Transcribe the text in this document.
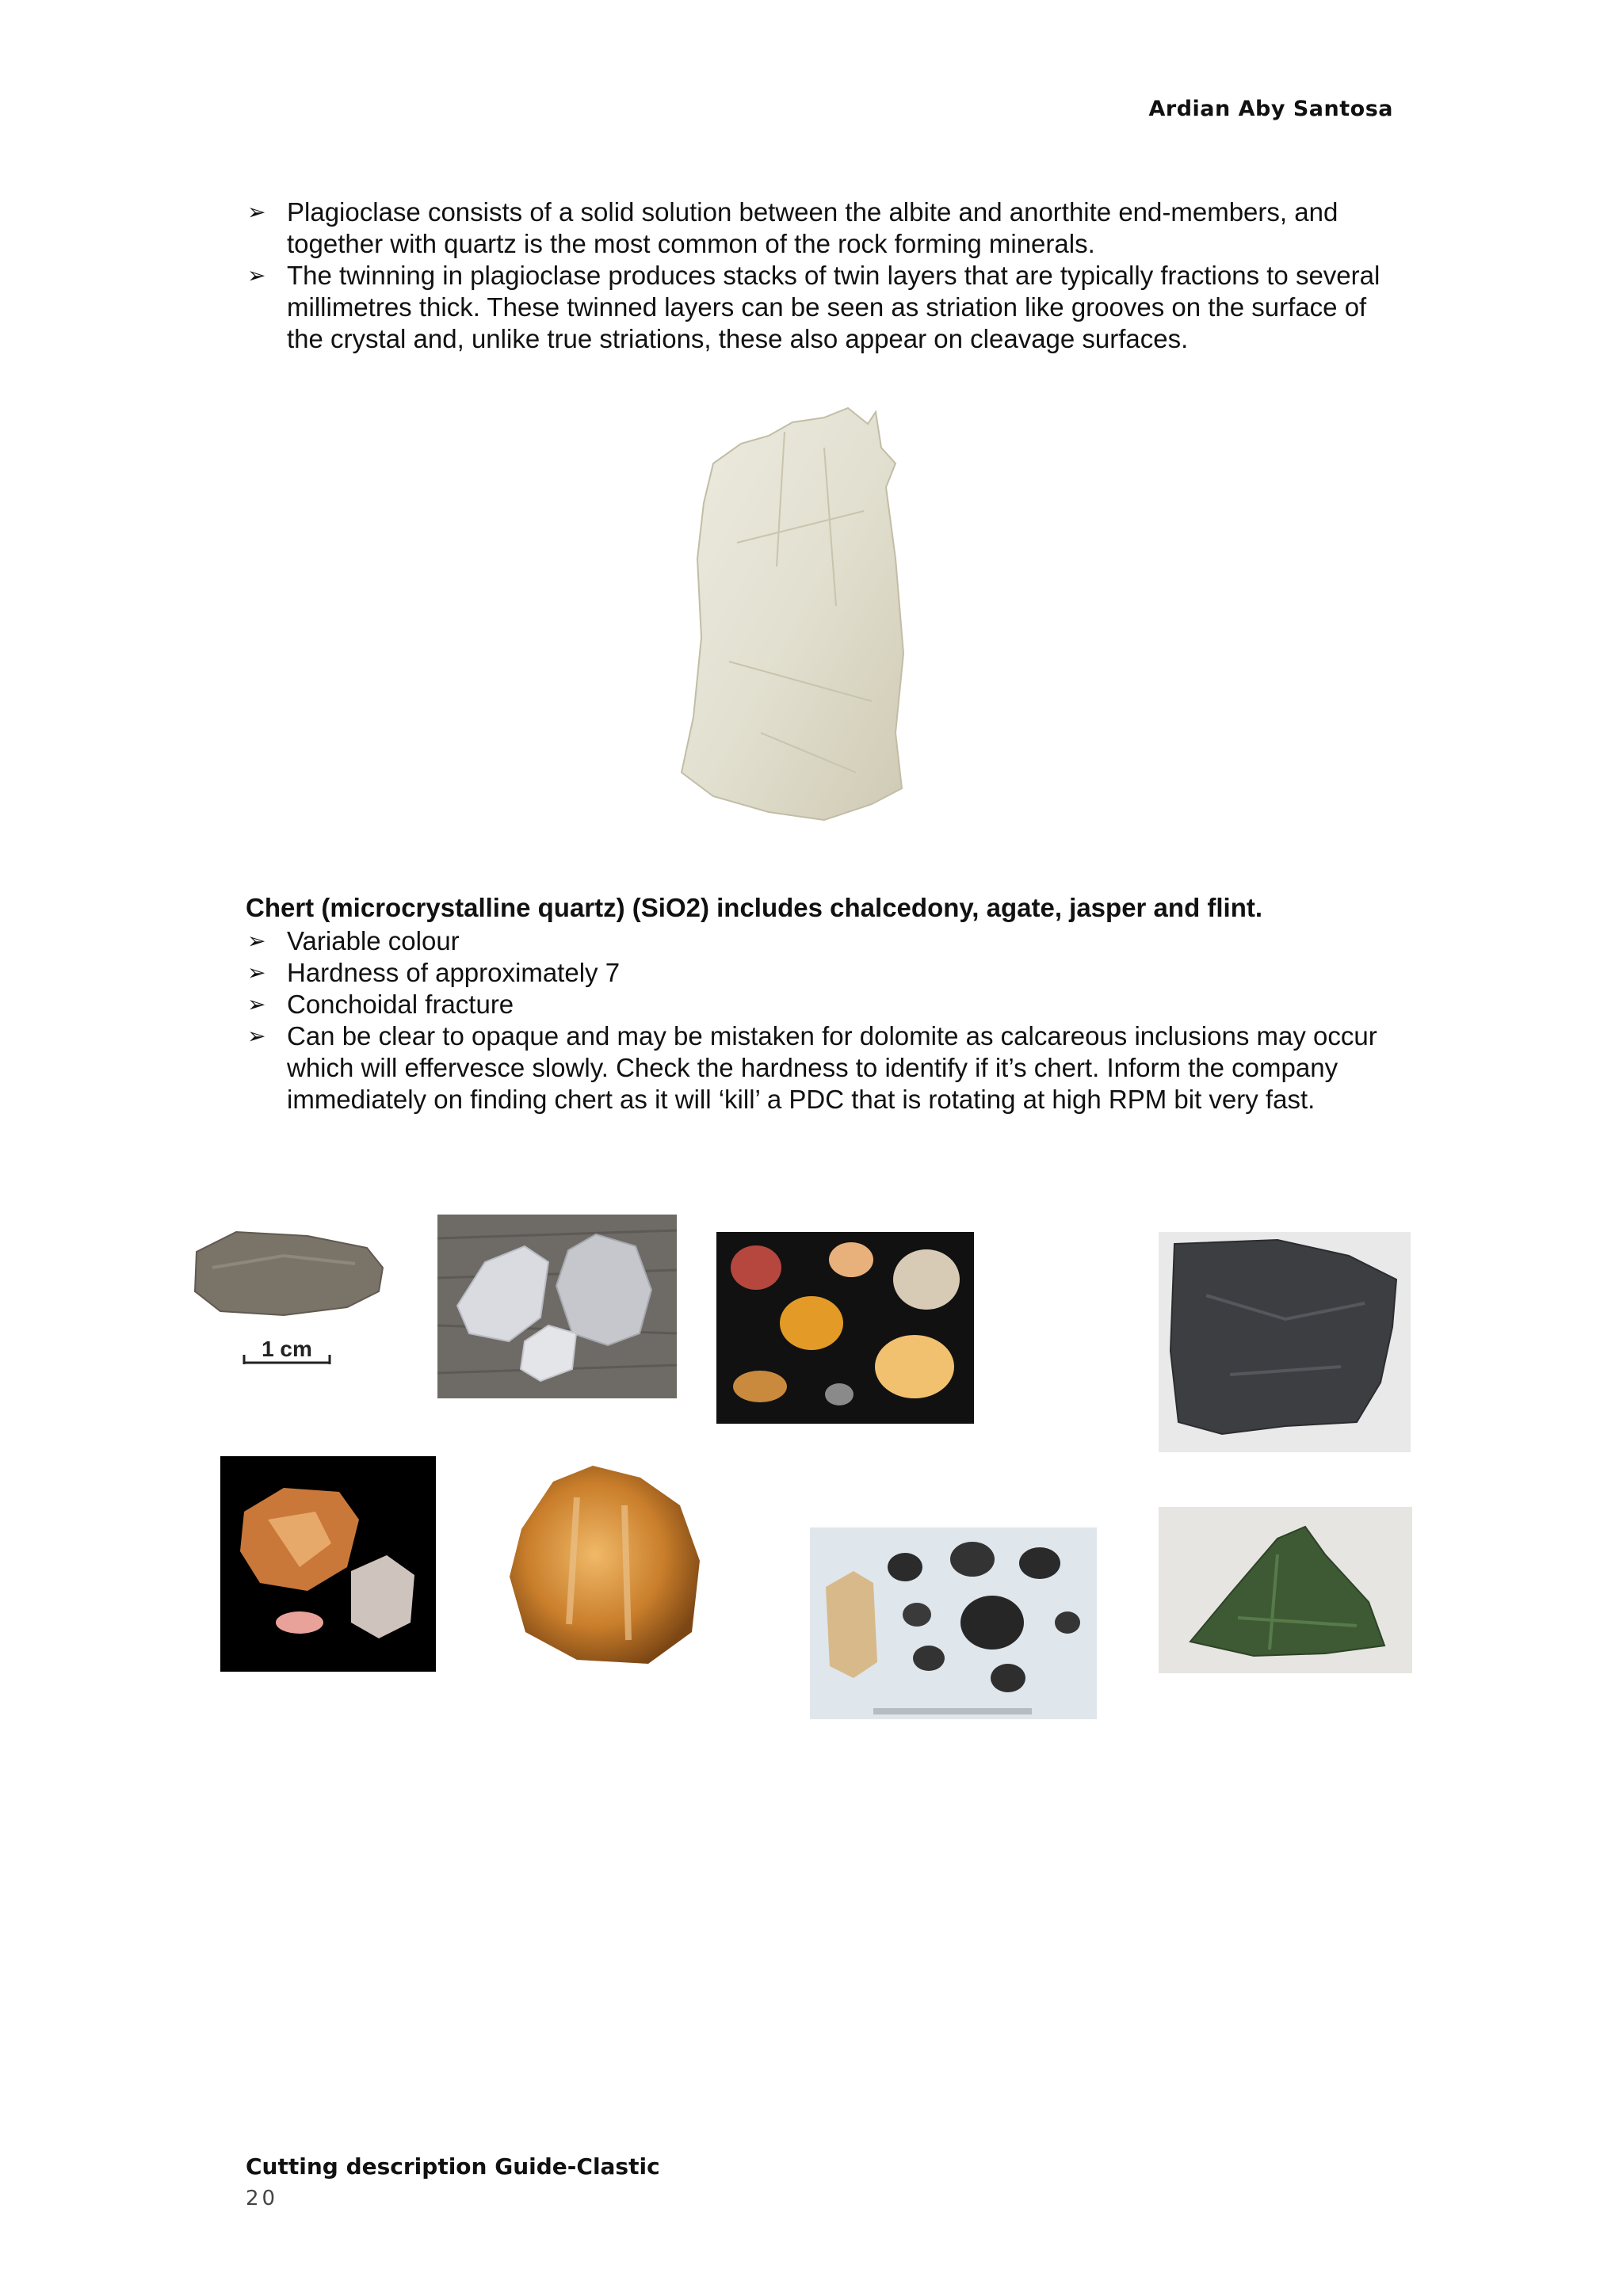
Ardian Aby Santosa
➢ Plagioclase consists of a solid solution between the albite and anorthite end-members, and together with quartz is the most common of the rock forming minerals.
➢ The twinning in plagioclase produces stacks of twin layers that are typically fractions to several millimetres thick. These twinned layers can be seen as striation like grooves on the surface of the crystal and, unlike true striations, these also appear on cleavage surfaces.
Chert (microcrystalline quartz) (SiO2) includes chalcedony, agate, jasper and flint.
➢ Variable colour
➢ Hardness of approximately 7
➢ Conchoidal fracture
➢ Can be clear to opaque and may be mistaken for dolomite as calcareous inclusions may occur which will effervesce slowly. Check the hardness to identify if it’s chert. Inform the company immediately on finding chert as it will ‘kill’ a PDC that is rotating at high RPM bit very fast.
1 cm
Cutting description Guide-Clastic
20
